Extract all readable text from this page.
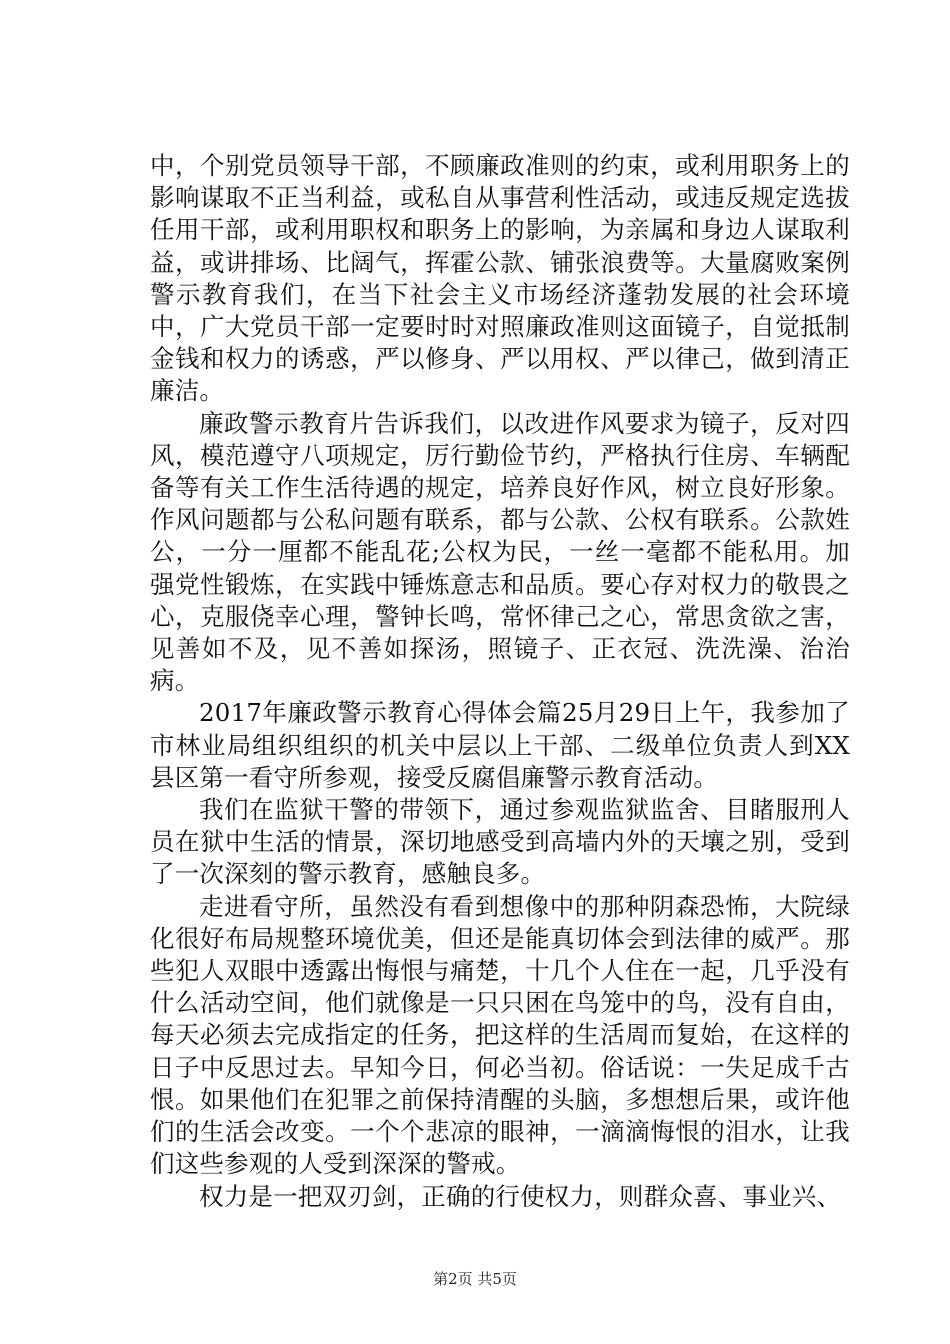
中，个别党员领导干部，不顾廉政准则的约束，或利用职务上的影响谋取不正当利益，或私自从事营利性活动，或违反规定选拔任用干部，或利用职权和职务上的影响，为亲属和身边人谋取利益，或讲排场、比阔气，挥霍公款、铺张浪费等。大量腐败案例警示教育我们，在当下社会主义市场经济蓬勃发展的社会环境中，广大党员干部一定要时时对照廉政准则这面镜子，自觉抵制金钱和权力的诱惑，严以修身、严以用权、严以律己，做到清正廉洁。

廉政警示教育片告诉我们，以改进作风要求为镜子，反对四风，模范遵守八项规定，厉行勤俭节约，严格执行住房、车辆配备等有关工作生活待遇的规定，培养良好作风，树立良好形象。作风问题都与公私问题有联系，都与公款、公权有联系。公款姓公，一分一厘都不能乱花;公权为民，一丝一毫都不能私用。加强党性锻炼，在实践中锤炼意志和品质。要心存对权力的敬畏之心，克服侥幸心理，警钟长鸣，常怀律己之心，常思贪欲之害，见善如不及，见不善如探汤，照镜子、正衣冠、洗洗澡、治治病。

2017年廉政警示教育心得体会篇25月29日上午，我参加了市林业局组织组织的机关中层以上干部、二级单位负责人到XX县区第一看守所参观，接受反腐倡廉警示教育活动。

我们在监狱干警的带领下，通过参观监狱监舍、目睹服刑人员在狱中生活的情景，深切地感受到高墙内外的天壤之别，受到了一次深刻的警示教育，感触良多。

走进看守所，虽然没有看到想像中的那种阴森恐怖，大院绿化很好布局规整环境优美，但还是能真切体会到法律的威严。那些犯人双眼中透露出悔恨与痛楚，十几个人住在一起，几乎没有什么活动空间，他们就像是一只只困在鸟笼中的鸟，没有自由，每天必须去完成指定的任务，把这样的生活周而复始，在这样的日子中反思过去。早知今日，何必当初。俗话说：一失足成千古恨。如果他们在犯罪之前保持清醒的头脑，多想想后果，或许他们的生活会改变。一个个悲凉的眼神，一滴滴悔恨的泪水，让我们这些参观的人受到深深的警戒。

权力是一把双刃剑，正确的行使权力，则群众喜、事业兴、

第2页 共5页
